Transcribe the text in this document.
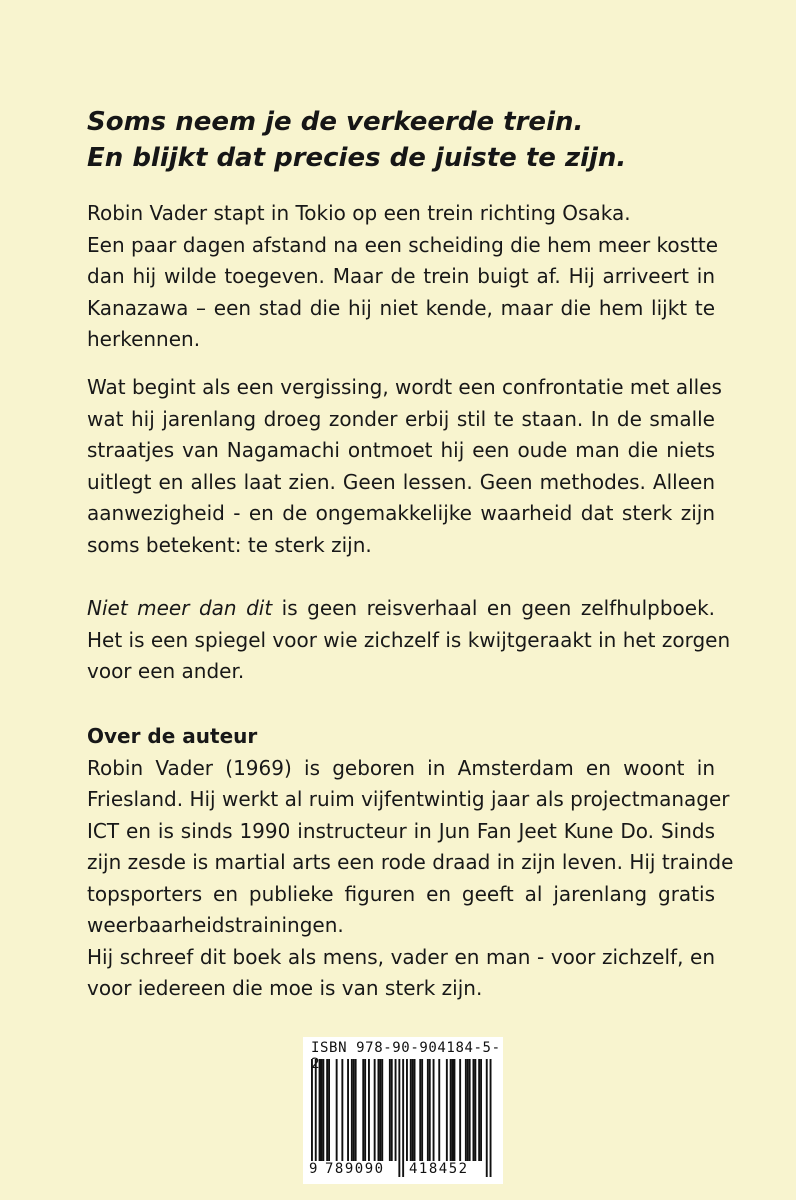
Soms neem je de verkeerde trein.
En blijkt dat precies de juiste te zijn.
Robin Vader stapt in Tokio op een trein richting Osaka.
Een paar dagen afstand na een scheiding die hem meer kostte
dan hij wilde toegeven. Maar de trein buigt af. Hij arriveert in
Kanazawa – een stad die hij niet kende, maar die hem lijkt te
herkennen.
Wat begint als een vergissing, wordt een confrontatie met alles
wat hij jarenlang droeg zonder erbij stil te staan. In de smalle
straatjes van Nagamachi ontmoet hij een oude man die niets
uitlegt en alles laat zien. Geen lessen. Geen methodes. Alleen
aanwezigheid - en de ongemakkelijke waarheid dat sterk zijn
soms betekent: te sterk zijn.
Niet meer dan dit is geen reisverhaal en geen zelfhulpboek.
Het is een spiegel voor wie zichzelf is kwijtgeraakt in het zorgen
voor een ander.
Over de auteur
Robin Vader (1969) is geboren in Amsterdam en woont in
Friesland. Hij werkt al ruim vijfentwintig jaar als projectmanager
ICT en is sinds 1990 instructeur in Jun Fan Jeet Kune Do. Sinds
zijn zesde is martial arts een rode draad in zijn leven. Hij trainde
topsporters en publieke figuren en geeft al jarenlang gratis
weerbaarheidstrainingen.
Hij schreef dit boek als mens, vader en man - voor zichzelf, en
voor iedereen die moe is van sterk zijn.
ISBN 978-90-904184-5-
9 789090 418452
